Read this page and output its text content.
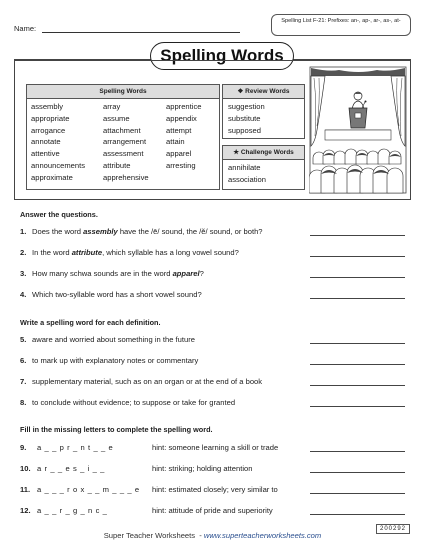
Name:
Spelling List F-21: Prefixes: an-, ap-, ar-, as-, at-
Spelling Words
Spelling Words
assembly	array	apprentice
appropriate	assume	appendix
arrogance	attachment	attempt
annotate	arrangement	attain
attentive	assessment	apparel
announcements	attribute	arresting
approximate	apprehensive
❖ Review Words
suggestion
substitute
supposed
★ Challenge Words
annihilate
association
Answer the questions.
1. Does the word assembly have the /ē/ sound, the /ĕ/ sound, or both?
2. In the word attribute , which syllable has a long vowel sound?
3. How many schwa sounds are in the word apparel ?
4. Which two-syllable word has a short vowel sound?
Write a spelling word for each definition.
5. aware and worried about something in the future
6. to mark up with explanatory notes or commentary
7. supplementary material, such as on an organ or at the end of a book
8. to conclude without evidence; to suppose or take for granted
Fill in the missing letters to complete the spelling word.
9.	a _ _ p r _ n t _ _ e	hint: someone learning a skill or trade
10. a r _ _ e s _ i _ _	hint: striking; holding attention
11. a _ _ _ r o x _ _ m _ _ _ e hint: estimated closely; very similar to
12. a _ _ r _ g _ n c _	hint: attitude of pride and superiority
Super Teacher Worksheets  - www.superteacherworksheets.com
200292
